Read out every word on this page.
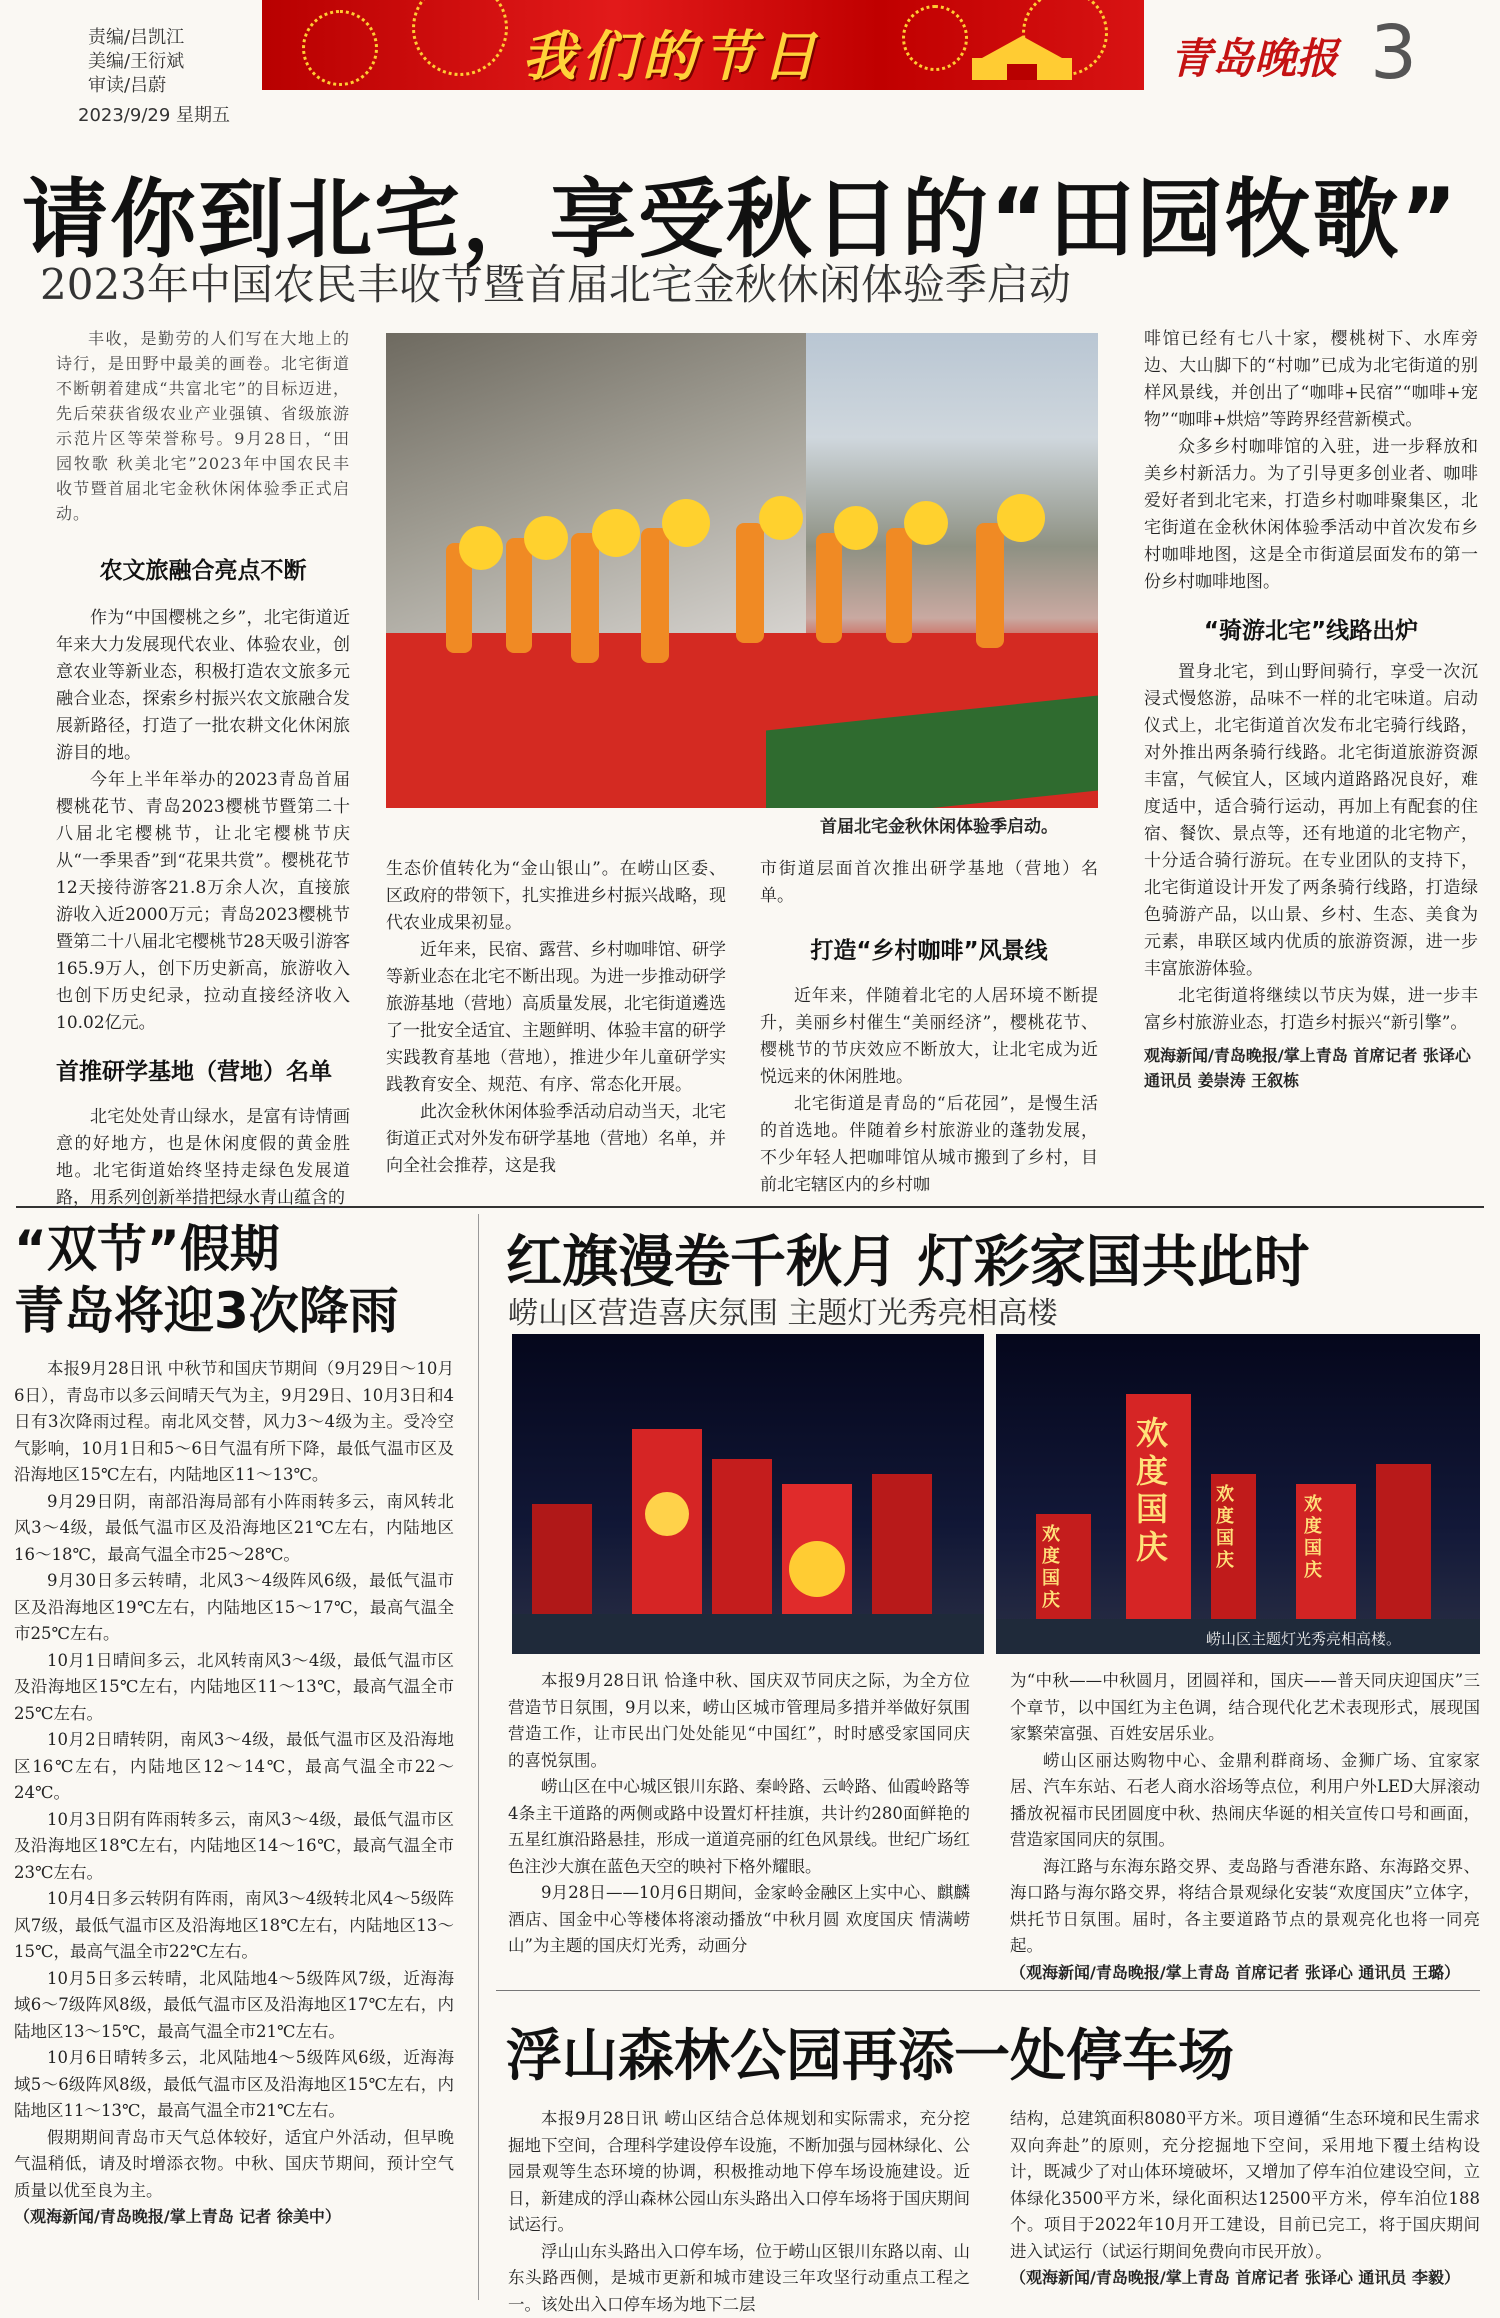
责编/吕凯江
美编/王衍斌
审读/吕蔚
2023/9/29 星期五
我们的节日	青岛晚报 3
请你到北宅，享受秋日的“田园牧歌”
2023年中国农民丰收节暨首届北宅金秋休闲体验季启动
丰收，是勤劳的人们写在大地上的诗行，是田野中最美的画卷。北宅街道不断朝着建成“共富北宅”的目标迈进，先后荣获省级农业产业强镇、省级旅游示范片区等荣誉称号。9月28日，“田园牧歌 秋美北宅”2023年中国农民丰收节暨首届北宅金秋休闲体验季正式启动。
农文旅融合亮点不断

作为“中国樱桃之乡”，北宅街道近年来大力发展现代农业、体验农业，创意农业等新业态，积极打造农文旅多元融合业态，探索乡村振兴农文旅融合发展新路径，打造了一批农耕文化休闲旅游目的地。

今年上半年举办的2023青岛首届樱桃花节、青岛2023樱桃节暨第二十八届北宅樱桃节，让北宅樱桃节庆从“一季果香”到“花果共赏”。樱桃花节12天接待游客21.8万余人次，直接旅游收入近2000万元；青岛2023樱桃节暨第二十八届北宅樱桃节28天吸引游客165.9万人，创下历史新高，旅游收入也创下历史纪录，拉动直接经济收入10.02亿元。

首推研学基地（营地）名单

北宅处处青山绿水，是富有诗情画意的好地方，也是休闲度假的黄金胜地。北宅街道始终坚持走绿色发展道路，用系列创新举措把绿水青山蕴含的

首届北宅金秋休闲体验季启动。

生态价值转化为“金山银山”。在崂山区委、区政府的带领下，扎实推进乡村振兴战略，现代农业成果初显。

近年来，民宿、露营、乡村咖啡馆、研学等新业态在北宅不断出现。为进一步推动研学旅游基地（营地）高质量发展，北宅街道遴选了一批安全适宜、主题鲜明、体验丰富的研学实践教育基地（营地），推进少年儿童研学实践教育安全、规范、有序、常态化开展。

此次金秋休闲体验季活动启动当天，北宅街道正式对外发布研学基地（营地）名单，并向全社会推荐，这是我

市街道层面首次推出研学基地（营地）名单。

打造“乡村咖啡”风景线

近年来，伴随着北宅的人居环境不断提升，美丽乡村催生“美丽经济”，樱桃花节、樱桃节的节庆效应不断放大，让北宅成为近悦远来的休闲胜地。

北宅街道是青岛的“后花园”，是慢生活的首选地。伴随着乡村旅游业的蓬勃发展，不少年轻人把咖啡馆从城市搬到了乡村，目前北宅辖区内的乡村咖

啡馆已经有七八十家，樱桃树下、水库旁边、大山脚下的“村咖”已成为北宅街道的别样风景线，并创出了“咖啡+民宿”“咖啡+宠物”“咖啡+烘焙”等跨界经营新模式。

众多乡村咖啡馆的入驻，进一步释放和美乡村新活力。为了引导更多创业者、咖啡爱好者到北宅来，打造乡村咖啡聚集区，北宅街道在金秋休闲体验季活动中首次发布乡村咖啡地图，这是全市街道层面发布的第一份乡村咖啡地图。

“骑游北宅”线路出炉

置身北宅，到山野间骑行，享受一次沉浸式慢悠游，品味不一样的北宅味道。启动仪式上，北宅街道首次发布北宅骑行线路，对外推出两条骑行线路。北宅街道旅游资源丰富，气候宜人，区域内道路路况良好，难度适中，适合骑行运动，再加上有配套的住宿、餐饮、景点等，还有地道的北宅物产，十分适合骑行游玩。在专业团队的支持下，北宅街道设计开发了两条骑行线路，打造绿色骑游产品，以山景、乡村、生态、美食为元素，串联区域内优质的旅游资源，进一步丰富旅游体验。

北宅街道将继续以节庆为媒，进一步丰富乡村旅游业态，打造乡村振兴“新引擎”。

观海新闻/青岛晚报/掌上青岛 首席记者 张译心 通讯员 姜崇涛 王叙栋
“双节”假期
青岛将迎3次降雨

本报9月28日讯 中秋节和国庆节期间（9月29日～10月6日），青岛市以多云间晴天气为主，9月29日、10月3日和4日有3次降雨过程。南北风交替，风力3～4级为主。受冷空气影响，10月1日和5～6日气温有所下降，最低气温市区及沿海地区15℃左右，内陆地区11～13℃。

9月29日阴，南部沿海局部有小阵雨转多云，南风转北风3～4级，最低气温市区及沿海地区21℃左右，内陆地区16～18℃，最高气温全市25～28℃。

9月30日多云转晴，北风3～4级阵风6级，最低气温市区及沿海地区19℃左右，内陆地区15～17℃，最高气温全市25℃左右。

10月1日晴间多云，北风转南风3～4级，最低气温市区及沿海地区15℃左右，内陆地区11～13℃，最高气温全市25℃左右。

10月2日晴转阴，南风3～4级，最低气温市区及沿海地区16℃左右，内陆地区12～14℃，最高气温全市22～24℃。

10月3日阴有阵雨转多云，南风3～4级，最低气温市区及沿海地区18℃左右，内陆地区14～16℃，最高气温全市23℃左右。

10月4日多云转阴有阵雨，南风3～4级转北风4～5级阵风7级，最低气温市区及沿海地区18℃左右，内陆地区13～15℃，最高气温全市22℃左右。

10月5日多云转晴，北风陆地4～5级阵风7级，近海海域6～7级阵风8级，最低气温市区及沿海地区17℃左右，内陆地区13～15℃，最高气温全市21℃左右。

10月6日晴转多云，北风陆地4～5级阵风6级，近海海域5～6级阵风8级，最低气温市区及沿海地区15℃左右，内陆地区11～13℃，最高气温全市21℃左右。

假期期间青岛市天气总体较好，适宜户外活动，但早晚气温稍低，请及时增添衣物。中秋、国庆节期间，预计空气质量以优至良为主。

（观海新闻/青岛晚报/掌上青岛 记者 徐美中）
红旗漫卷千秋月 灯彩家国共此时
崂山区营造喜庆氛围 主题灯光秀亮相高楼
欢度国庆
欢度国庆
欢度国庆
欢度国庆
崂山区主题灯光秀亮相高楼。

本报9月28日讯 恰逢中秋、国庆双节同庆之际，为全方位营造节日氛围，9月以来，崂山区城市管理局多措并举做好氛围营造工作，让市民出门处处能见“中国红”，时时感受家国同庆的喜悦氛围。

崂山区在中心城区银川东路、秦岭路、云岭路、仙霞岭路等4条主干道路的两侧或路中设置灯杆挂旗，共计约280面鲜艳的五星红旗沿路悬挂，形成一道道亮丽的红色风景线。世纪广场红色注沙大旗在蓝色天空的映衬下格外耀眼。

9月28日——10月6日期间，金家岭金融区上实中心、麒麟酒店、国金中心等楼体将滚动播放“中秋月圆 欢度国庆 情满崂山”为主题的国庆灯光秀，动画分

为“中秋——中秋圆月，团圆祥和，国庆——普天同庆迎国庆”三个章节，以中国红为主色调，结合现代化艺术表现形式，展现国家繁荣富强、百姓安居乐业。

崂山区丽达购物中心、金鼎利群商场、金狮广场、宜家家居、汽车东站、石老人商水浴场等点位，利用户外LED大屏滚动播放祝福市民团圆度中秋、热闹庆华诞的相关宣传口号和画面，营造家国同庆的氛围。

海江路与东海东路交界、麦岛路与香港东路、东海路交界、海口路与海尔路交界，将结合景观绿化安装“欢度国庆”立体字，烘托节日氛围。届时，各主要道路节点的景观亮化也将一同亮起。

（观海新闻/青岛晚报/掌上青岛 首席记者 张译心 通讯员 王璐）
浮山森林公园再添一处停车场

本报9月28日讯 崂山区结合总体规划和实际需求，充分挖掘地下空间，合理科学建设停车设施，不断加强与园林绿化、公园景观等生态环境的协调，积极推动地下停车场设施建设。近日，新建成的浮山森林公园山东头路出入口停车场将于国庆期间试运行。

浮山山东头路出入口停车场，位于崂山区银川东路以南、山东头路西侧，是城市更新和城市建设三年攻坚行动重点工程之一。该处出入口停车场为地下二层

结构，总建筑面积8080平方米。项目遵循“生态环境和民生需求双向奔赴”的原则，充分挖掘地下空间，采用地下覆土结构设计，既减少了对山体环境破坏，又增加了停车泊位建设空间，立体绿化3500平方米，绿化面积达12500平方米，停车泊位188个。项目于2022年10月开工建设，目前已完工，将于国庆期间进入试运行（试运行期间免费向市民开放）。

（观海新闻/青岛晚报/掌上青岛 首席记者 张译心 通讯员 李毅）
